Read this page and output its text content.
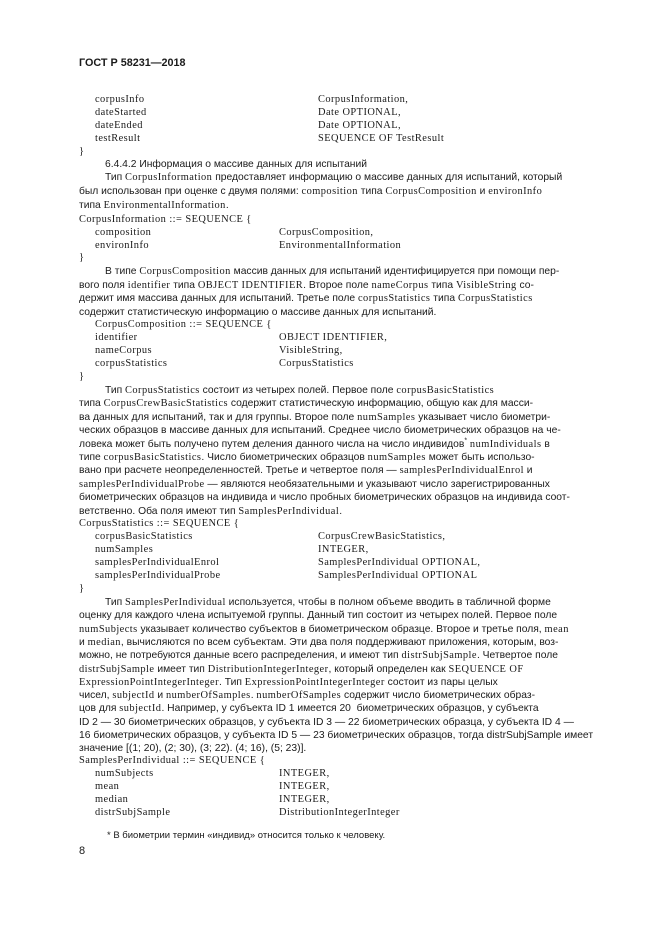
ГОСТ Р 58231—2018
corpusInfo	CorpusInformation,
dateStarted	Date OPTIONAL,
dateEnded	Date OPTIONAL,
testResult	SEQUENCE OF TestResult
}
6.4.4.2 Информация о массиве данных для испытаний
Тип CorpusInformation предоставляет информацию о массиве данных для испытаний, который
был использован при оценке с двумя полями: composition типа CorpusComposition и environInfo
типа EnvironmentalInformation.
CorpusInformation ::= SEQUENCE {
composition	CorpusComposition,
environInfo	EnvironmentalInformation
}
В типе CorpusComposition массив данных для испытаний идентифицируется при помощи пер-
вого поля identifier типа OBJECT IDENTIFIER. Второе поле nameCorpus типа VisibleString со-
держит имя массива данных для испытаний. Третье поле corpusStatistics типа CorpusStatistics
содержит статистическую информацию о массиве данных для испытаний.
CorpusComposition ::= SEQUENCE {
identifier	OBJECT IDENTIFIER,
nameCorpus	VisibleString,
corpusStatistics	CorpusStatistics
}
Тип CorpusStatistics состоит из четырех полей. Первое поле corpusBasicStatistics
типа CorpusCrewBasicStatistics содержит статистическую информацию, общую как для масси-
ва данных для испытаний, так и для группы. Второе поле numSamples указывает число биометри-
ческих образцов в массиве данных для испытаний. Среднее число биометрических образцов на че-
ловека может быть получено путем деления данного числа на число индивидов* numIndividuals в
типе corpusBasicStatistics. Число биометрических образцов numSamples может быть использо-
вано при расчете неопределенностей. Третье и четвертое поля — samplesPerIndividualEnrol и
samplesPerIndividualProbe — являются необязательными и указывают число зарегистрированных
биометрических образцов на индивида и число пробных биометрических образцов на индивида соот-
ветственно. Оба поля имеют тип SamplesPerIndividual.
CorpusStatistics ::= SEQUENCE {
corpusBasicStatistics	CorpusCrewBasicStatistics,
numSamples	INTEGER,
samplesPerIndividualEnrol	SamplesPerIndividual OPTIONAL,
samplesPerIndividualProbe	SamplesPerIndividual OPTIONAL
}
Тип SamplesPerIndividual используется, чтобы в полном объеме вводить в табличной форме
оценку для каждого члена испытуемой группы. Данный тип состоит из четырех полей. Первое поле
numSubjects указывает количество субъектов в биометрическом образце. Второе и третье поля, mean
и median, вычисляются по всем субъектам. Эти два поля поддерживают приложения, которым, воз-
можно, не потребуются данные всего распределения, и имеют тип distrSubjSample. Четвертое поле
distrSubjSample имеет тип DistributionIntegerInteger, который определен как SEQUENCE OF
ExpressionPointIntegerInteger. Тип ExpressionPointIntegerInteger состоит из пары целых
чисел, subjectId и numberOfSamples. numberOfSamples содержит число биометрических образ-
цов для subjectId. Например, у субъекта ID 1 имеется 20  биометрических образцов, у субъекта
ID 2 — 30 биометрических образцов, у субъекта ID 3 — 22 биометрических образца, у субъекта ID 4 —
16 биометрических образцов, у субъекта ID 5 — 23 биометрических образцов, тогда distrSubjSample имеет
значение [(1; 20), (2; 30), (3; 22). (4; 16), (5; 23)].
SamplesPerIndividual ::= SEQUENCE {
numSubjects	INTEGER,
mean	INTEGER,
median	INTEGER,
distrSubjSample	DistributionIntegerInteger
* В биометрии термин «индивид» относится только к человеку.
8
